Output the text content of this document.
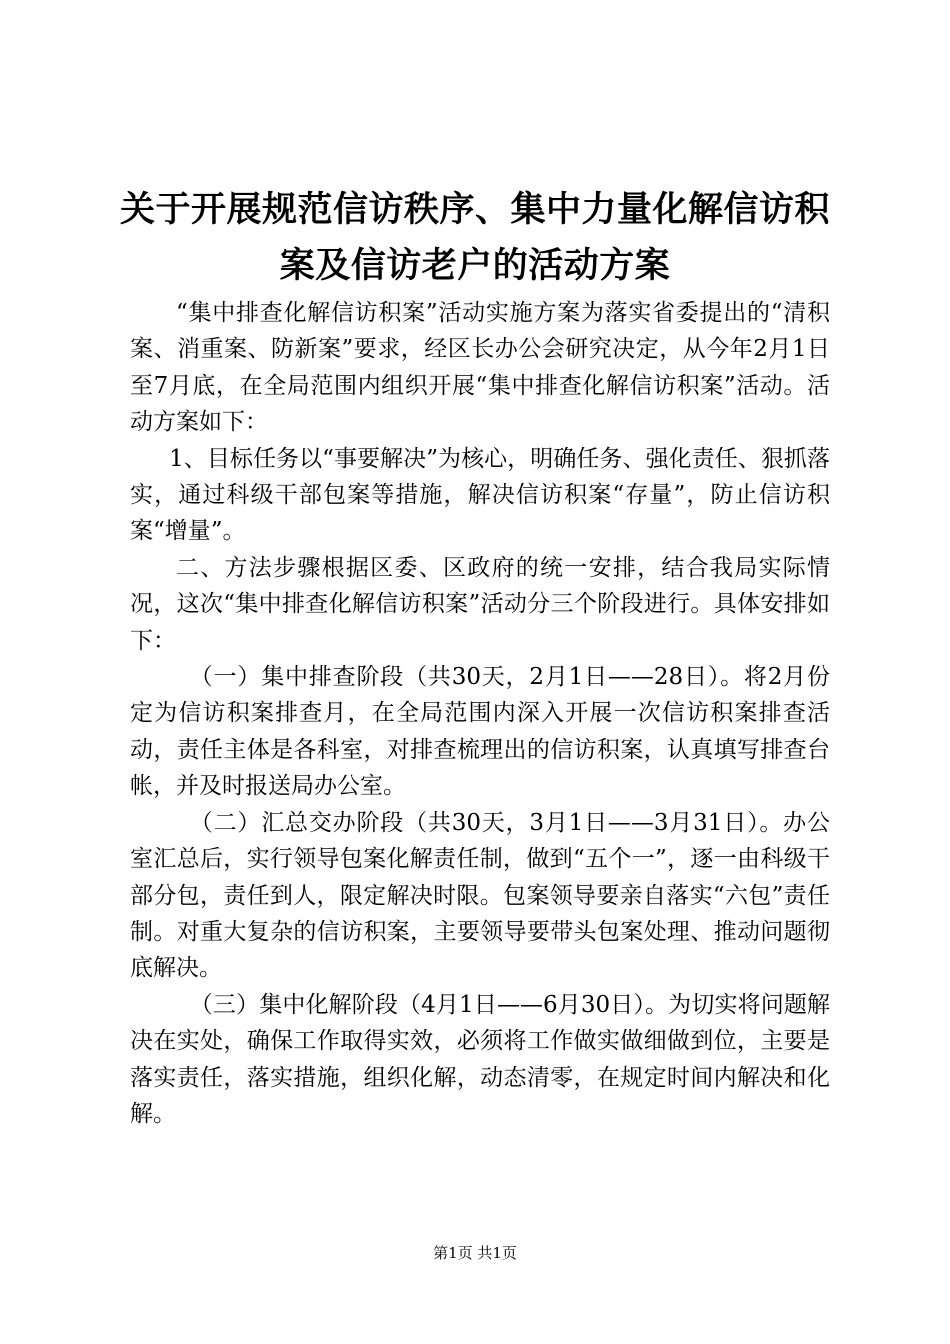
关于开展规范信访秩序、集中力量化解信访积
案及信访老户的活动方案

“集中排查化解信访积案”活动实施方案为落实省委提出的“清积案、消重案、防新案”要求，经区长办公会研究决定，从今年2月1日至7月底，在全局范围内组织开展“集中排查化解信访积案”活动。活动方案如下：

1、目标任务以“事要解决”为核心，明确任务、强化责任、狠抓落实，通过科级干部包案等措施，解决信访积案“存量”，防止信访积案“增量”。

二、方法步骤根据区委、区政府的统一安排，结合我局实际情况，这次“集中排查化解信访积案”活动分三个阶段进行。具体安排如下：

（一）集中排查阶段（共30天，2月1日——28日）。将2月份定为信访积案排查月，在全局范围内深入开展一次信访积案排查活动，责任主体是各科室，对排查梳理出的信访积案，认真填写排查台帐，并及时报送局办公室。

（二）汇总交办阶段（共30天，3月1日——3月31日）。办公室汇总后，实行领导包案化解责任制，做到“五个一”，逐一由科级干部分包，责任到人，限定解决时限。包案领导要亲自落实“六包”责任制。对重大复杂的信访积案，主要领导要带头包案处理、推动问题彻底解决。

（三）集中化解阶段（4月1日——6月30日）。为切实将问题解决在实处，确保工作取得实效，必须将工作做实做细做到位，主要是落实责任，落实措施，组织化解，动态清零，在规定时间内解决和化解。

第1页 共1页
